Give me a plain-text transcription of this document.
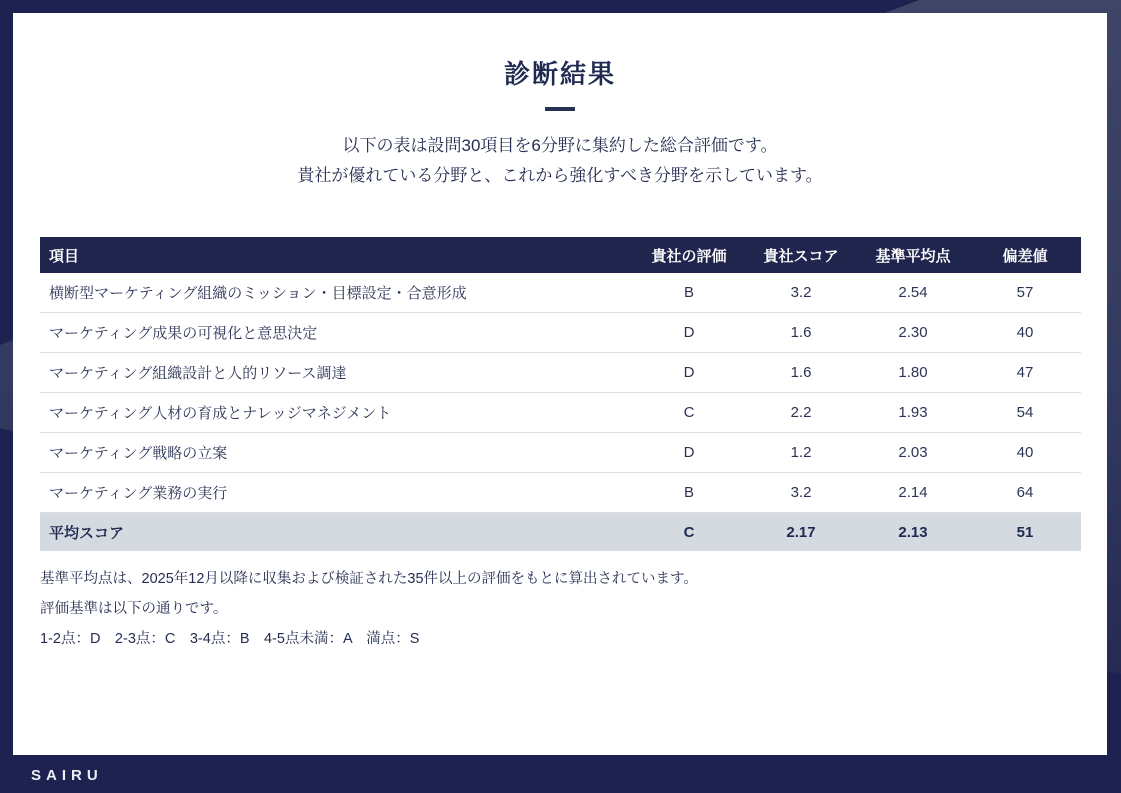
診断結果
以下の表は設問30項目を6分野に集約した総合評価です。
貴社が優れている分野と、これから強化すべき分野を示しています。
項目	貴社の評価	貴社スコア	基準平均点	偏差値
横断型マーケティング組織のミッション・目標設定・合意形成	B	3.2	2.54	57
マーケティング成果の可視化と意思決定	D	1.6	2.30	40
マーケティング組織設計と人的リソース調達	D	1.6	1.80	47
マーケティング人材の育成とナレッジマネジメント	C	2.2	1.93	54
マーケティング戦略の立案	D	1.2	2.03	40
マーケティング業務の実行	B	3.2	2.14	64
平均スコア	C	2.17	2.13	51
基準平均点は、2025年12月以降に収集および検証された35件以上の評価をもとに算出されています。
評価基準は以下の通りです。
1-2点：D　2-3点：C　3-4点：B　4-5点未満：A　満点：S
SAIRU
